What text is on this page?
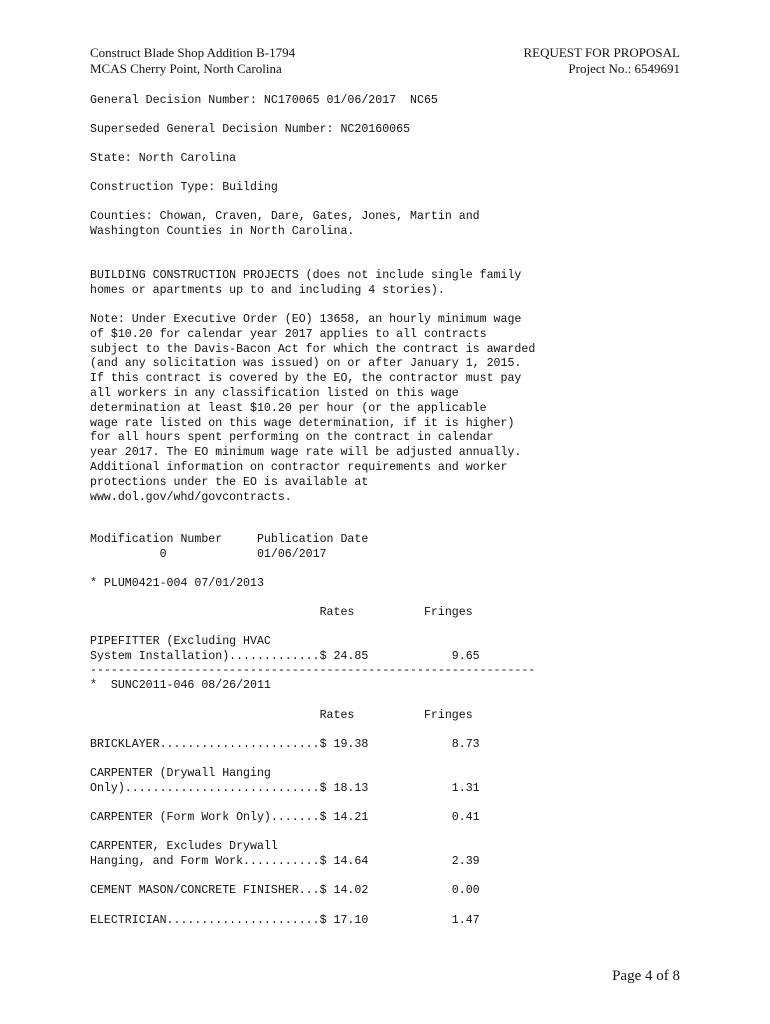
Construct Blade Shop Addition B-1794
MCAS Cherry Point, North Carolina
REQUEST FOR PROPOSAL
Project No.: 6549691
General Decision Number: NC170065 01/06/2017  NC65
Superseded General Decision Number: NC20160065
State: North Carolina
Construction Type: Building
Counties: Chowan, Craven, Dare, Gates, Jones, Martin and
Washington Counties in North Carolina.
BUILDING CONSTRUCTION PROJECTS (does not include single family
homes or apartments up to and including 4 stories).
Note: Under Executive Order (EO) 13658, an hourly minimum wage
of $10.20 for calendar year 2017 applies to all contracts
subject to the Davis-Bacon Act for which the contract is awarded
(and any solicitation was issued) on or after January 1, 2015.
If this contract is covered by the EO, the contractor must pay
all workers in any classification listed on this wage
determination at least $10.20 per hour (or the applicable
wage rate listed on this wage determination, if it is higher)
for all hours spent performing on the contract in calendar
year 2017. The EO minimum wage rate will be adjusted annually.
Additional information on contractor requirements and worker
protections under the EO is available at
www.dol.gov/whd/govcontracts.
Modification Number     Publication Date
0             01/06/2017
* PLUM0421-004 07/01/2013
Rates          Fringes
PIPEFITTER (Excluding HVAC
System Installation).............$ 24.85            9.65
----------------------------------------------------------------
*  SUNC2011-046 08/26/2011
Rates          Fringes
BRICKLAYER.......................$ 19.38            8.73
CARPENTER (Drywall Hanging
Only)............................$ 18.13            1.31
CARPENTER (Form Work Only).......$ 14.21            0.41
CARPENTER, Excludes Drywall
Hanging, and Form Work...........$ 14.64            2.39
CEMENT MASON/CONCRETE FINISHER...$ 14.02            0.00
ELECTRICIAN......................$ 17.10            1.47
Page 4 of 8
